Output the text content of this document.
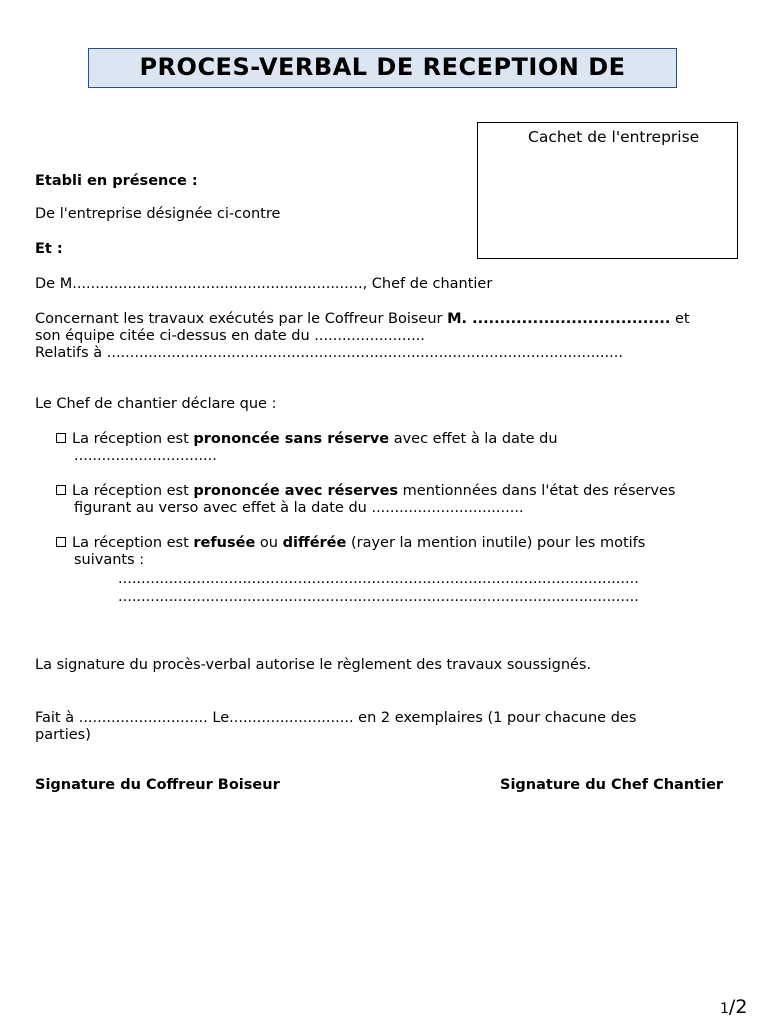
PROCES-VERBAL DE RECEPTION DE
Cachet de l'entreprise
Etabli en présence :
De l'entreprise désignée ci-contre
Et :
De M..............................................................., Chef de chantier
Concernant les travaux exécutés par le Coffreur Boiseur M. .................................... et
son équipe citée ci-dessus en date du ........................
Relatifs à ................................................................................................................
Le Chef de chantier déclare que :
La réception est prononcée sans réserve avec effet à la date du
...............................
La réception est prononcée avec réserves mentionnées dans l'état des réserves
figurant au verso avec effet à la date du .................................
La réception est refusée ou différée (rayer la mention inutile) pour les motifs
suivants :
.................................................................................................................
.................................................................................................................
La signature du procès-verbal autorise le règlement des travaux soussignés.
Fait à ............................ Le........................... en 2 exemplaires (1 pour chacune des
parties)
Signature du Coffreur Boiseur	Signature du Chef Chantier
1/2
